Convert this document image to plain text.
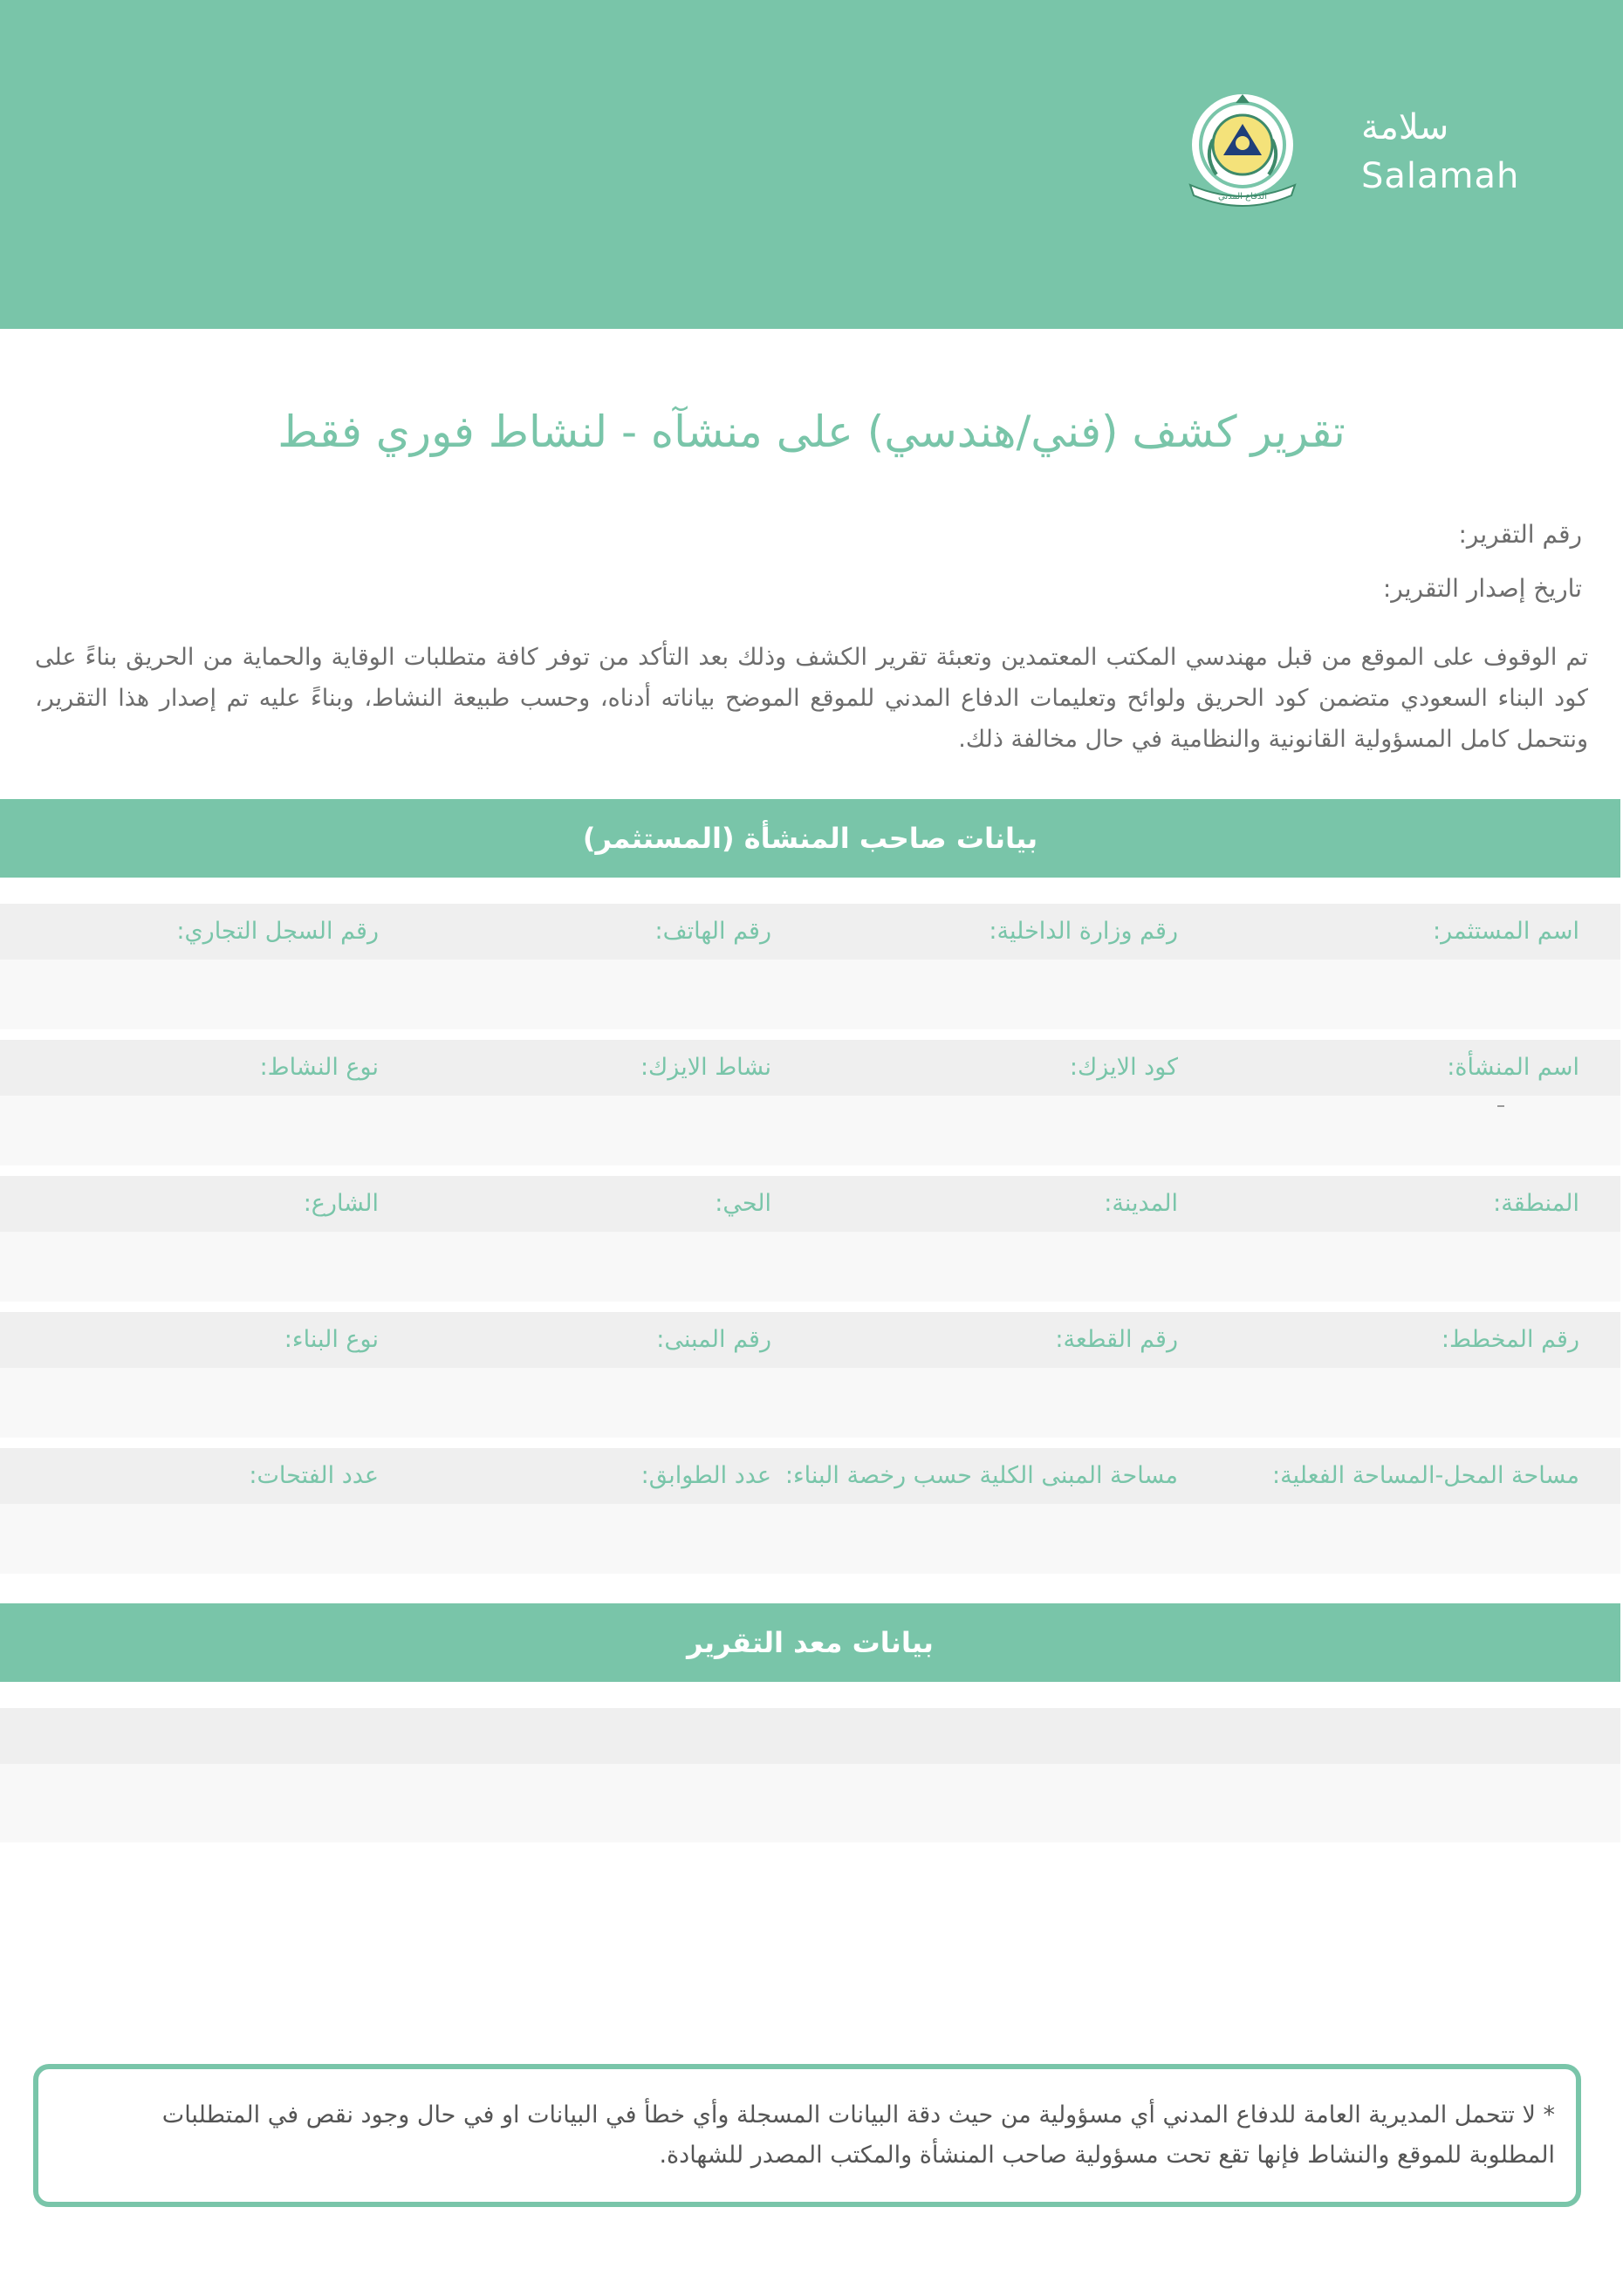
الدفاع المدني
سلامة
Salamah
تقرير كشف (فني/هندسي) على منشآه - لنشاط فوري فقط
رقم التقرير:
تاريخ إصدار التقرير:
تم الوقوف على الموقع من قبل مهندسي المكتب المعتمدين وتعبئة تقرير الكشف وذلك بعد التأكد من توفر كافة متطلبات الوقاية والحماية من الحريق بناءً على كود البناء السعودي متضمن كود الحريق ولوائح وتعليمات الدفاع المدني للموقع الموضح بياناته أدناه، وحسب طبيعة النشاط، وبناءً عليه تم إصدار هذا التقرير، ونتحمل كامل المسؤولية القانونية والنظامية في حال مخالفة ذلك.
بيانات صاحب المنشأة (المستثمر)
اسم المستثمر:
رقم وزارة الداخلية:
رقم الهاتف:
رقم السجل التجاري:
اسم المنشأة:
كود الايزك:
نشاط الايزك:
نوع النشاط:
المنطقة:
المدينة:
الحي:
الشارع:
رقم المخطط:
رقم القطعة:
رقم المبنى:
نوع البناء:
مساحة المحل-المساحة الفعلية:
مساحة المبنى الكلية حسب رخصة البناء:
عدد الطوابق:
عدد الفتحات:
بيانات معد التقرير
* لا تتحمل المديرية العامة للدفاع المدني أي مسؤولية من حيث دقة البيانات المسجلة وأي خطأ في البيانات او في حال وجود نقص في المتطلبات المطلوبة للموقع والنشاط فإنها تقع تحت مسؤولية صاحب المنشأة والمكتب المصدر للشهادة.
